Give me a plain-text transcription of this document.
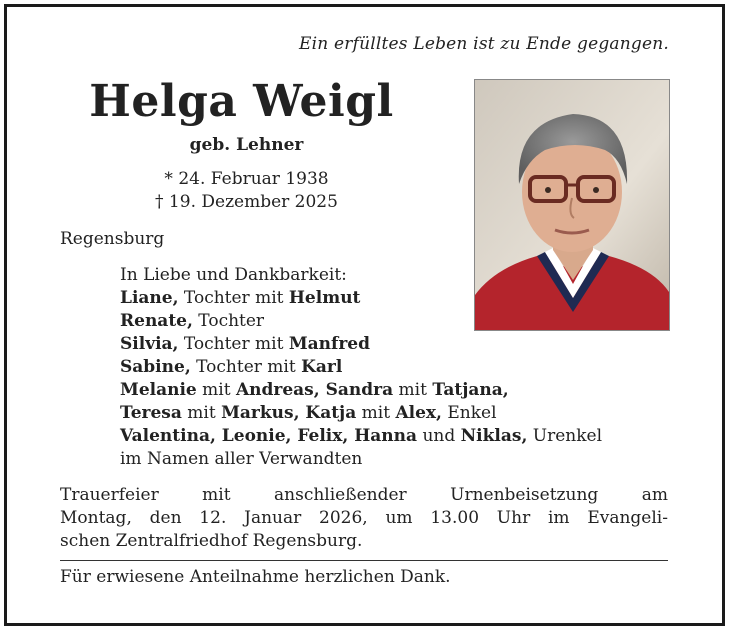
Ein erfülltes Leben ist zu Ende gegangen.
Helga Weigl
geb. Lehner
* 24. Februar 1938
† 19. Dezember 2025
Regensburg
In Liebe und Dankbarkeit:
Liane, Tochter mit Helmut
Renate, Tochter
Silvia, Tochter mit Manfred
Sabine, Tochter mit Karl
Melanie mit Andreas, Sandra mit Tatjana,
Teresa mit Markus, Katja mit Alex, Enkel
Valentina, Leonie, Felix, Hanna und Niklas, Urenkel
im Namen aller Verwandten
Trauerfeier mit anschließender Urnenbeisetzung am
Montag, den 12. Januar 2026, um 13.00 Uhr im Evangeli-
schen Zentralfriedhof Regensburg.
Für erwiesene Anteilnahme herzlichen Dank.
